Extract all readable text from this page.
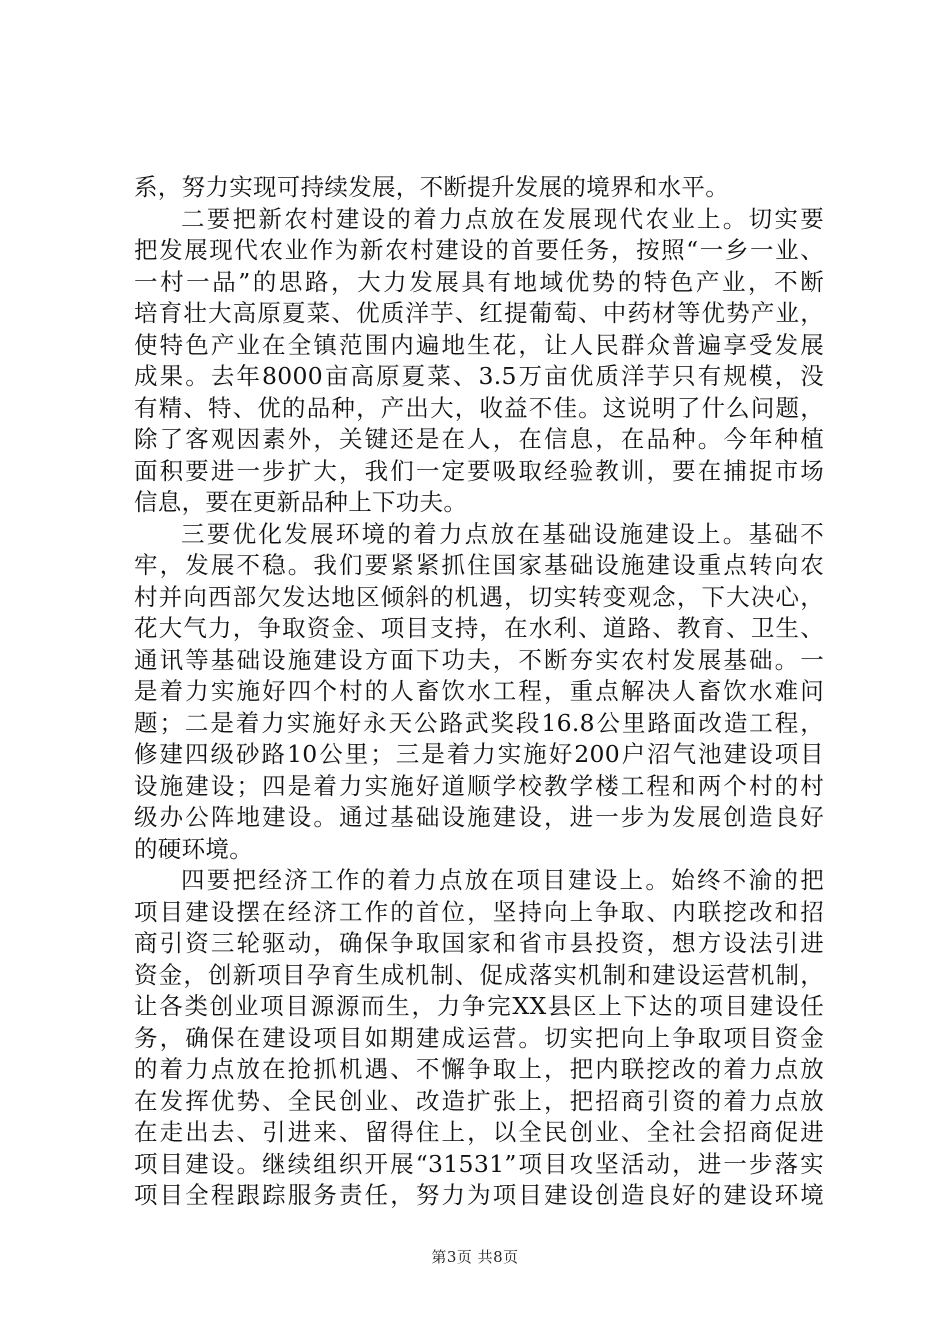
系，努力实现可持续发展，不断提升发展的境界和水平。
二要把新农村建设的着力点放在发展现代农业上。切实要
把发展现代农业作为新农村建设的首要任务，按照“一乡一业、
一村一品”的思路，大力发展具有地域优势的特色产业，不断
培育壮大高原夏菜、优质洋芋、红提葡萄、中药材等优势产业，
使特色产业在全镇范围内遍地生花，让人民群众普遍享受发展
成果。去年8000亩高原夏菜、3.5万亩优质洋芋只有规模，没
有精、特、优的品种，产出大，收益不佳。这说明了什么问题，
除了客观因素外，关键还是在人，在信息，在品种。今年种植
面积要进一步扩大，我们一定要吸取经验教训，要在捕捉市场
信息，要在更新品种上下功夫。
三要优化发展环境的着力点放在基础设施建设上。基础不
牢，发展不稳。我们要紧紧抓住国家基础设施建设重点转向农
村并向西部欠发达地区倾斜的机遇，切实转变观念，下大决心，
花大气力，争取资金、项目支持，在水利、道路、教育、卫生、
通讯等基础设施建设方面下功夫，不断夯实农村发展基础。一
是着力实施好四个村的人畜饮水工程，重点解决人畜饮水难问
题；二是着力实施好永天公路武奖段16.8公里路面改造工程，
修建四级砂路10公里；三是着力实施好200户沼气池建设项目
设施建设；四是着力实施好道顺学校教学楼工程和两个村的村
级办公阵地建设。通过基础设施建设，进一步为发展创造良好
的硬环境。
四要把经济工作的着力点放在项目建设上。始终不渝的把
项目建设摆在经济工作的首位，坚持向上争取、内联挖改和招
商引资三轮驱动，确保争取国家和省市县投资，想方设法引进
资金，创新项目孕育生成机制、促成落实机制和建设运营机制，
让各类创业项目源源而生，力争完XX县区上下达的项目建设任
务，确保在建设项目如期建成运营。切实把向上争取项目资金
的着力点放在抢抓机遇、不懈争取上，把内联挖改的着力点放
在发挥优势、全民创业、改造扩张上，把招商引资的着力点放
在走出去、引进来、留得住上，以全民创业、全社会招商促进
项目建设。继续组织开展“31531”项目攻坚活动，进一步落实
项目全程跟踪服务责任，努力为项目建设创造良好的建设环境
第3页 共8页
